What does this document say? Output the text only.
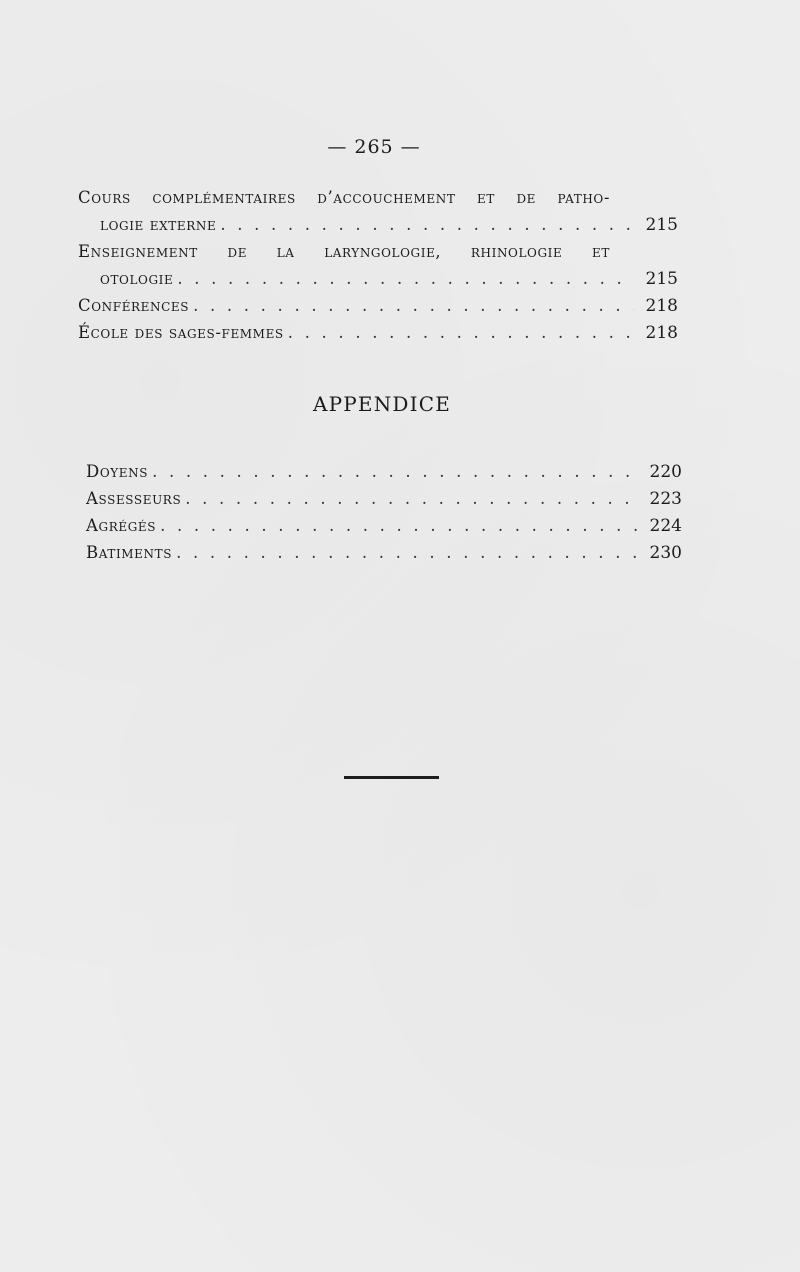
— 265 —
Cours complémentaires d’accouchement et de patho-
logie externe . . .	215
Enseignement de la laryngologie, rhinologie et
otologie . . .	215
Conférences . . .	218
École des sages-femmes . . .	218
APPENDICE
Doyens . . .	220
Assesseurs . . .	223
Agrégés . . .	224
Batiments . . .	230
